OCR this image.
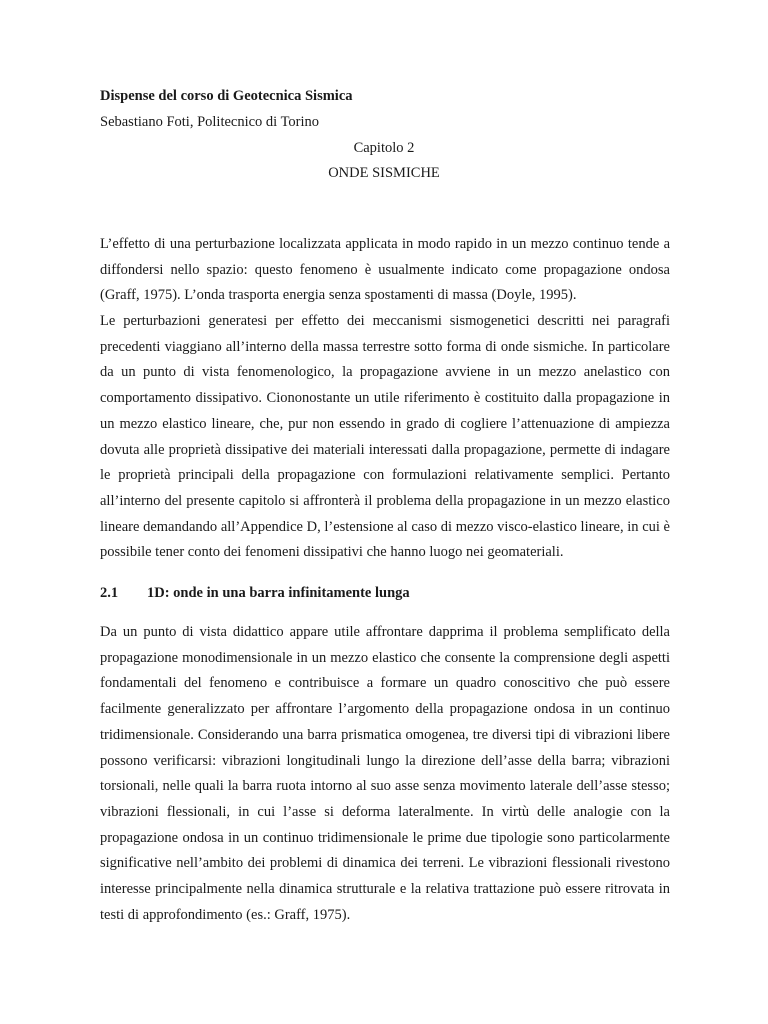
Dispense del corso di Geotecnica Sismica
Sebastiano Foti, Politecnico di Torino
Capitolo 2
ONDE SISMICHE

L’effetto di una perturbazione localizzata applicata in modo rapido in un mezzo continuo tende a diffondersi nello spazio: questo fenomeno è usualmente indicato come propagazione ondosa (Graff, 1975). L’onda trasporta energia senza spostamenti di massa (Doyle, 1995).

Le perturbazioni generatesi per effetto dei meccanismi sismogenetici descritti nei paragrafi precedenti viaggiano all’interno della massa terrestre sotto forma di onde sismiche. In particolare da un punto di vista fenomenologico, la propagazione avviene in un mezzo anelastico con comportamento dissipativo. Ciononostante un utile riferimento è costituito dalla propagazione in un mezzo elastico lineare, che, pur non essendo in grado di cogliere l’attenuazione di ampiezza dovuta alle proprietà dissipative dei materiali interessati dalla propagazione, permette di indagare le proprietà principali della propagazione con formulazioni relativamente semplici. Pertanto all’interno del presente capitolo si affronterà il problema della propagazione in un mezzo elastico lineare demandando all’Appendice D, l’estensione al caso di mezzo visco-elastico lineare, in cui è possibile tener conto dei fenomeni dissipativi che hanno luogo nei geomateriali.

2.1 1D: onde in una barra infinitamente lunga

Da un punto di vista didattico appare utile affrontare dapprima il problema semplificato della propagazione monodimensionale in un mezzo elastico che consente la comprensione degli aspetti fondamentali del fenomeno e contribuisce a formare un quadro conoscitivo che può essere facilmente generalizzato per affrontare l’argomento della propagazione ondosa in un continuo tridimensionale. Considerando una barra prismatica omogenea, tre diversi tipi di vibrazioni libere possono verificarsi: vibrazioni longitudinali lungo la direzione dell’asse della barra; vibrazioni torsionali, nelle quali la barra ruota intorno al suo asse senza movimento laterale dell’asse stesso; vibrazioni flessionali, in cui l’asse si deforma lateralmente. In virtù delle analogie con la propagazione ondosa in un continuo tridimensionale le prime due tipologie sono particolarmente significative nell’ambito dei problemi di dinamica dei terreni. Le vibrazioni flessionali rivestono interesse principalmente nella dinamica strutturale e la relativa trattazione può essere ritrovata in testi di approfondimento (es.: Graff, 1975).
